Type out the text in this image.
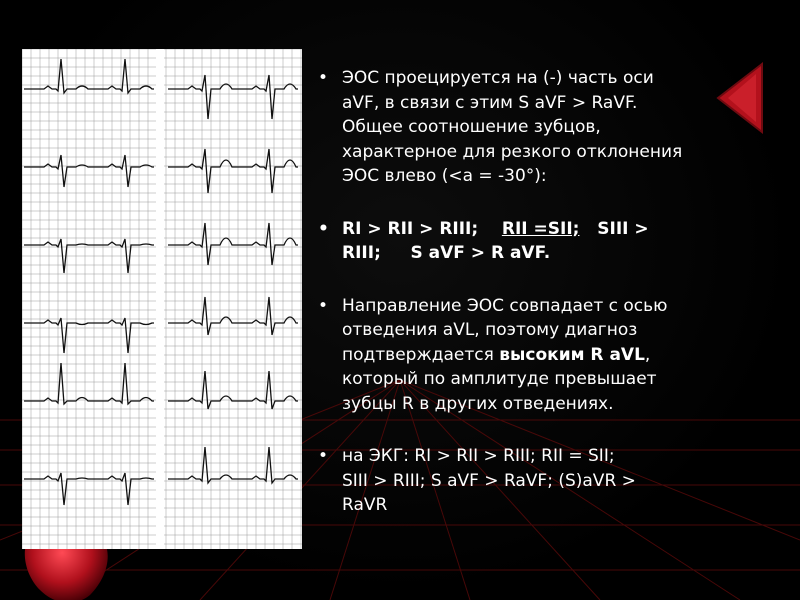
• ЭОС проецируется на (-) часть оси
aVF, в связи с этим S aVF > RaVF.
Общее соотношение зубцов,
характерное для резкого отклонения
ЭОС влево (<a = -30°):
• RI > RII > RIII; RII =SII; SIII >
RIII; S aVF > R aVF.
• Направление ЭОС совпадает с осью
отведения aVL, поэтому диагноз
подтверждается высоким R aVL,
который по амплитуде превышает
зубцы R в других отведениях.
• на ЭКГ: RI > RII > RIII; RII = SII;
SIII > RIII; S aVF > RaVF; (S)aVR >
RaVR
